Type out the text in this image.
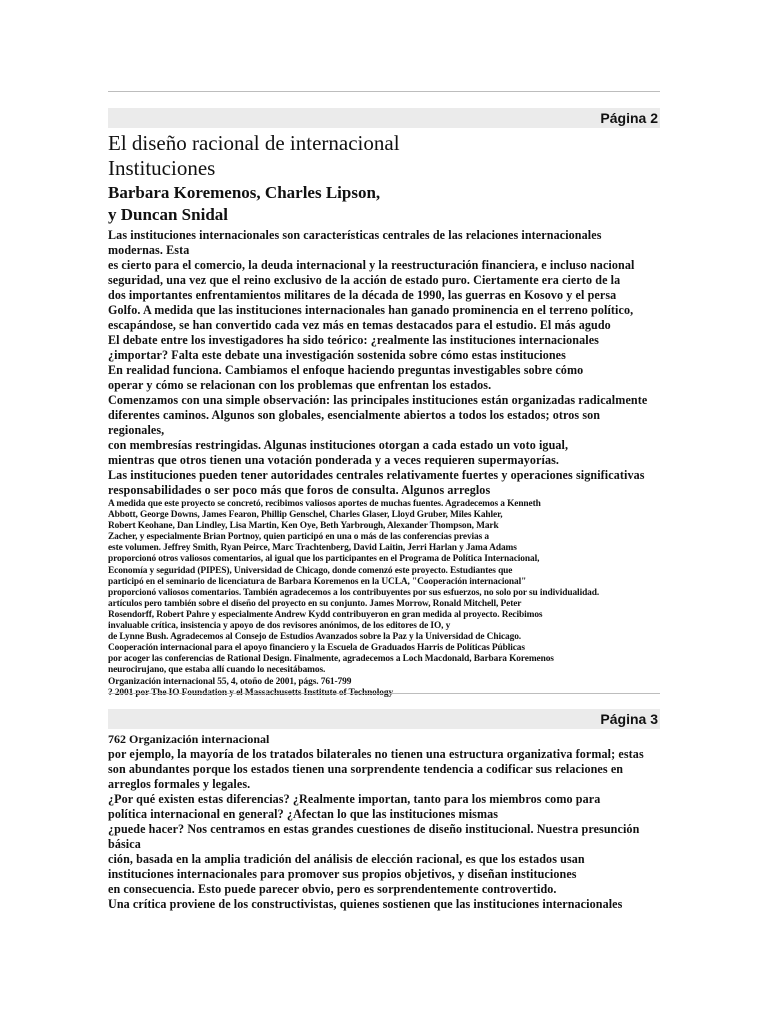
Página 2
El diseño racional de internacional
Instituciones
Barbara Koremenos, Charles Lipson,
y Duncan Snidal
Las instituciones internacionales son características centrales de las relaciones internacionales
modernas. Esta
es cierto para el comercio, la deuda internacional y la reestructuración financiera, e incluso nacional
seguridad, una vez que el reino exclusivo de la acción de estado puro. Ciertamente era cierto de la
dos importantes enfrentamientos militares de la década de 1990, las guerras en Kosovo y el persa
Golfo. A medida que las instituciones internacionales han ganado prominencia en el terreno político,
escapándose, se han convertido cada vez más en temas destacados para el estudio. El más agudo
El debate entre los investigadores ha sido teórico: ¿realmente las instituciones internacionales
¿importar? Falta este debate una investigación sostenida sobre cómo estas instituciones
En realidad funciona. Cambiamos el enfoque haciendo preguntas investigables sobre cómo
operar y cómo se relacionan con los problemas que enfrentan los estados.
Comenzamos con una simple observación: las principales instituciones están organizadas radicalmente
diferentes caminos. Algunos son globales, esencialmente abiertos a todos los estados; otros son
regionales,
con membresías restringidas. Algunas instituciones otorgan a cada estado un voto igual,
mientras que otros tienen una votación ponderada y a veces requieren supermayorías.
Las instituciones pueden tener autoridades centrales relativamente fuertes y operaciones significativas
responsabilidades o ser poco más que foros de consulta. Algunos arreglos
A medida que este proyecto se concretó, recibimos valiosos aportes de muchas fuentes. Agradecemos a Kenneth
Abbott, George Downs, James Fearon, Phillip Genschel, Charles Glaser, Lloyd Gruber, Miles Kahler,
Robert Keohane, Dan Lindley, Lisa Martin, Ken Oye, Beth Yarbrough, Alexander Thompson, Mark
Zacher, y especialmente Brian Portnoy, quien participó en una o más de las conferencias previas a
este volumen. Jeffrey Smith, Ryan Peirce, Marc Trachtenberg, David Laitin, Jerri Harlan y Jama Adams
proporcionó otros valiosos comentarios, al igual que los participantes en el Programa de Política Internacional,
Economía y seguridad (PIPES), Universidad de Chicago, donde comenzó este proyecto. Estudiantes que
participó en el seminario de licenciatura de Barbara Koremenos en la UCLA, "Cooperación internacional"
proporcionó valiosos comentarios. También agradecemos a los contribuyentes por sus esfuerzos, no solo por su individualidad.
artículos pero también sobre el diseño del proyecto en su conjunto. James Morrow, Ronald Mitchell, Peter
Rosendorff, Robert Pahre y especialmente Andrew Kydd contribuyeron en gran medida al proyecto. Recibimos
invaluable crítica, insistencia y apoyo de dos revisores anónimos, de los editores de IO, y
de Lynne Bush. Agradecemos al Consejo de Estudios Avanzados sobre la Paz y la Universidad de Chicago.
Cooperación internacional para el apoyo financiero y la Escuela de Graduados Harris de Políticas Públicas
por acoger las conferencias de Rational Design. Finalmente, agradecemos a Loch Macdonald, Barbara Koremenos
neurocirujano, que estaba allí cuando lo necesitábamos.
Organización internacional 55, 4, otoño de 2001, págs. 761-799
? 2001 por The IO Foundation y el Massachusetts Institute of Technology
Página 3
762 Organización internacional
por ejemplo, la mayoría de los tratados bilaterales no tienen una estructura organizativa formal; estas
son abundantes porque los estados tienen una sorprendente tendencia a codificar sus relaciones en
arreglos formales y legales.
¿Por qué existen estas diferencias? ¿Realmente importan, tanto para los miembros como para
política internacional en general? ¿Afectan lo que las instituciones mismas
¿puede hacer? Nos centramos en estas grandes cuestiones de diseño institucional. Nuestra presunción
básica
ción, basada en la amplia tradición del análisis de elección racional, es que los estados usan
instituciones internacionales para promover sus propios objetivos, y diseñan instituciones
en consecuencia. Esto puede parecer obvio, pero es sorprendentemente controvertido.
Una crítica proviene de los constructivistas, quienes sostienen que las instituciones internacionales
